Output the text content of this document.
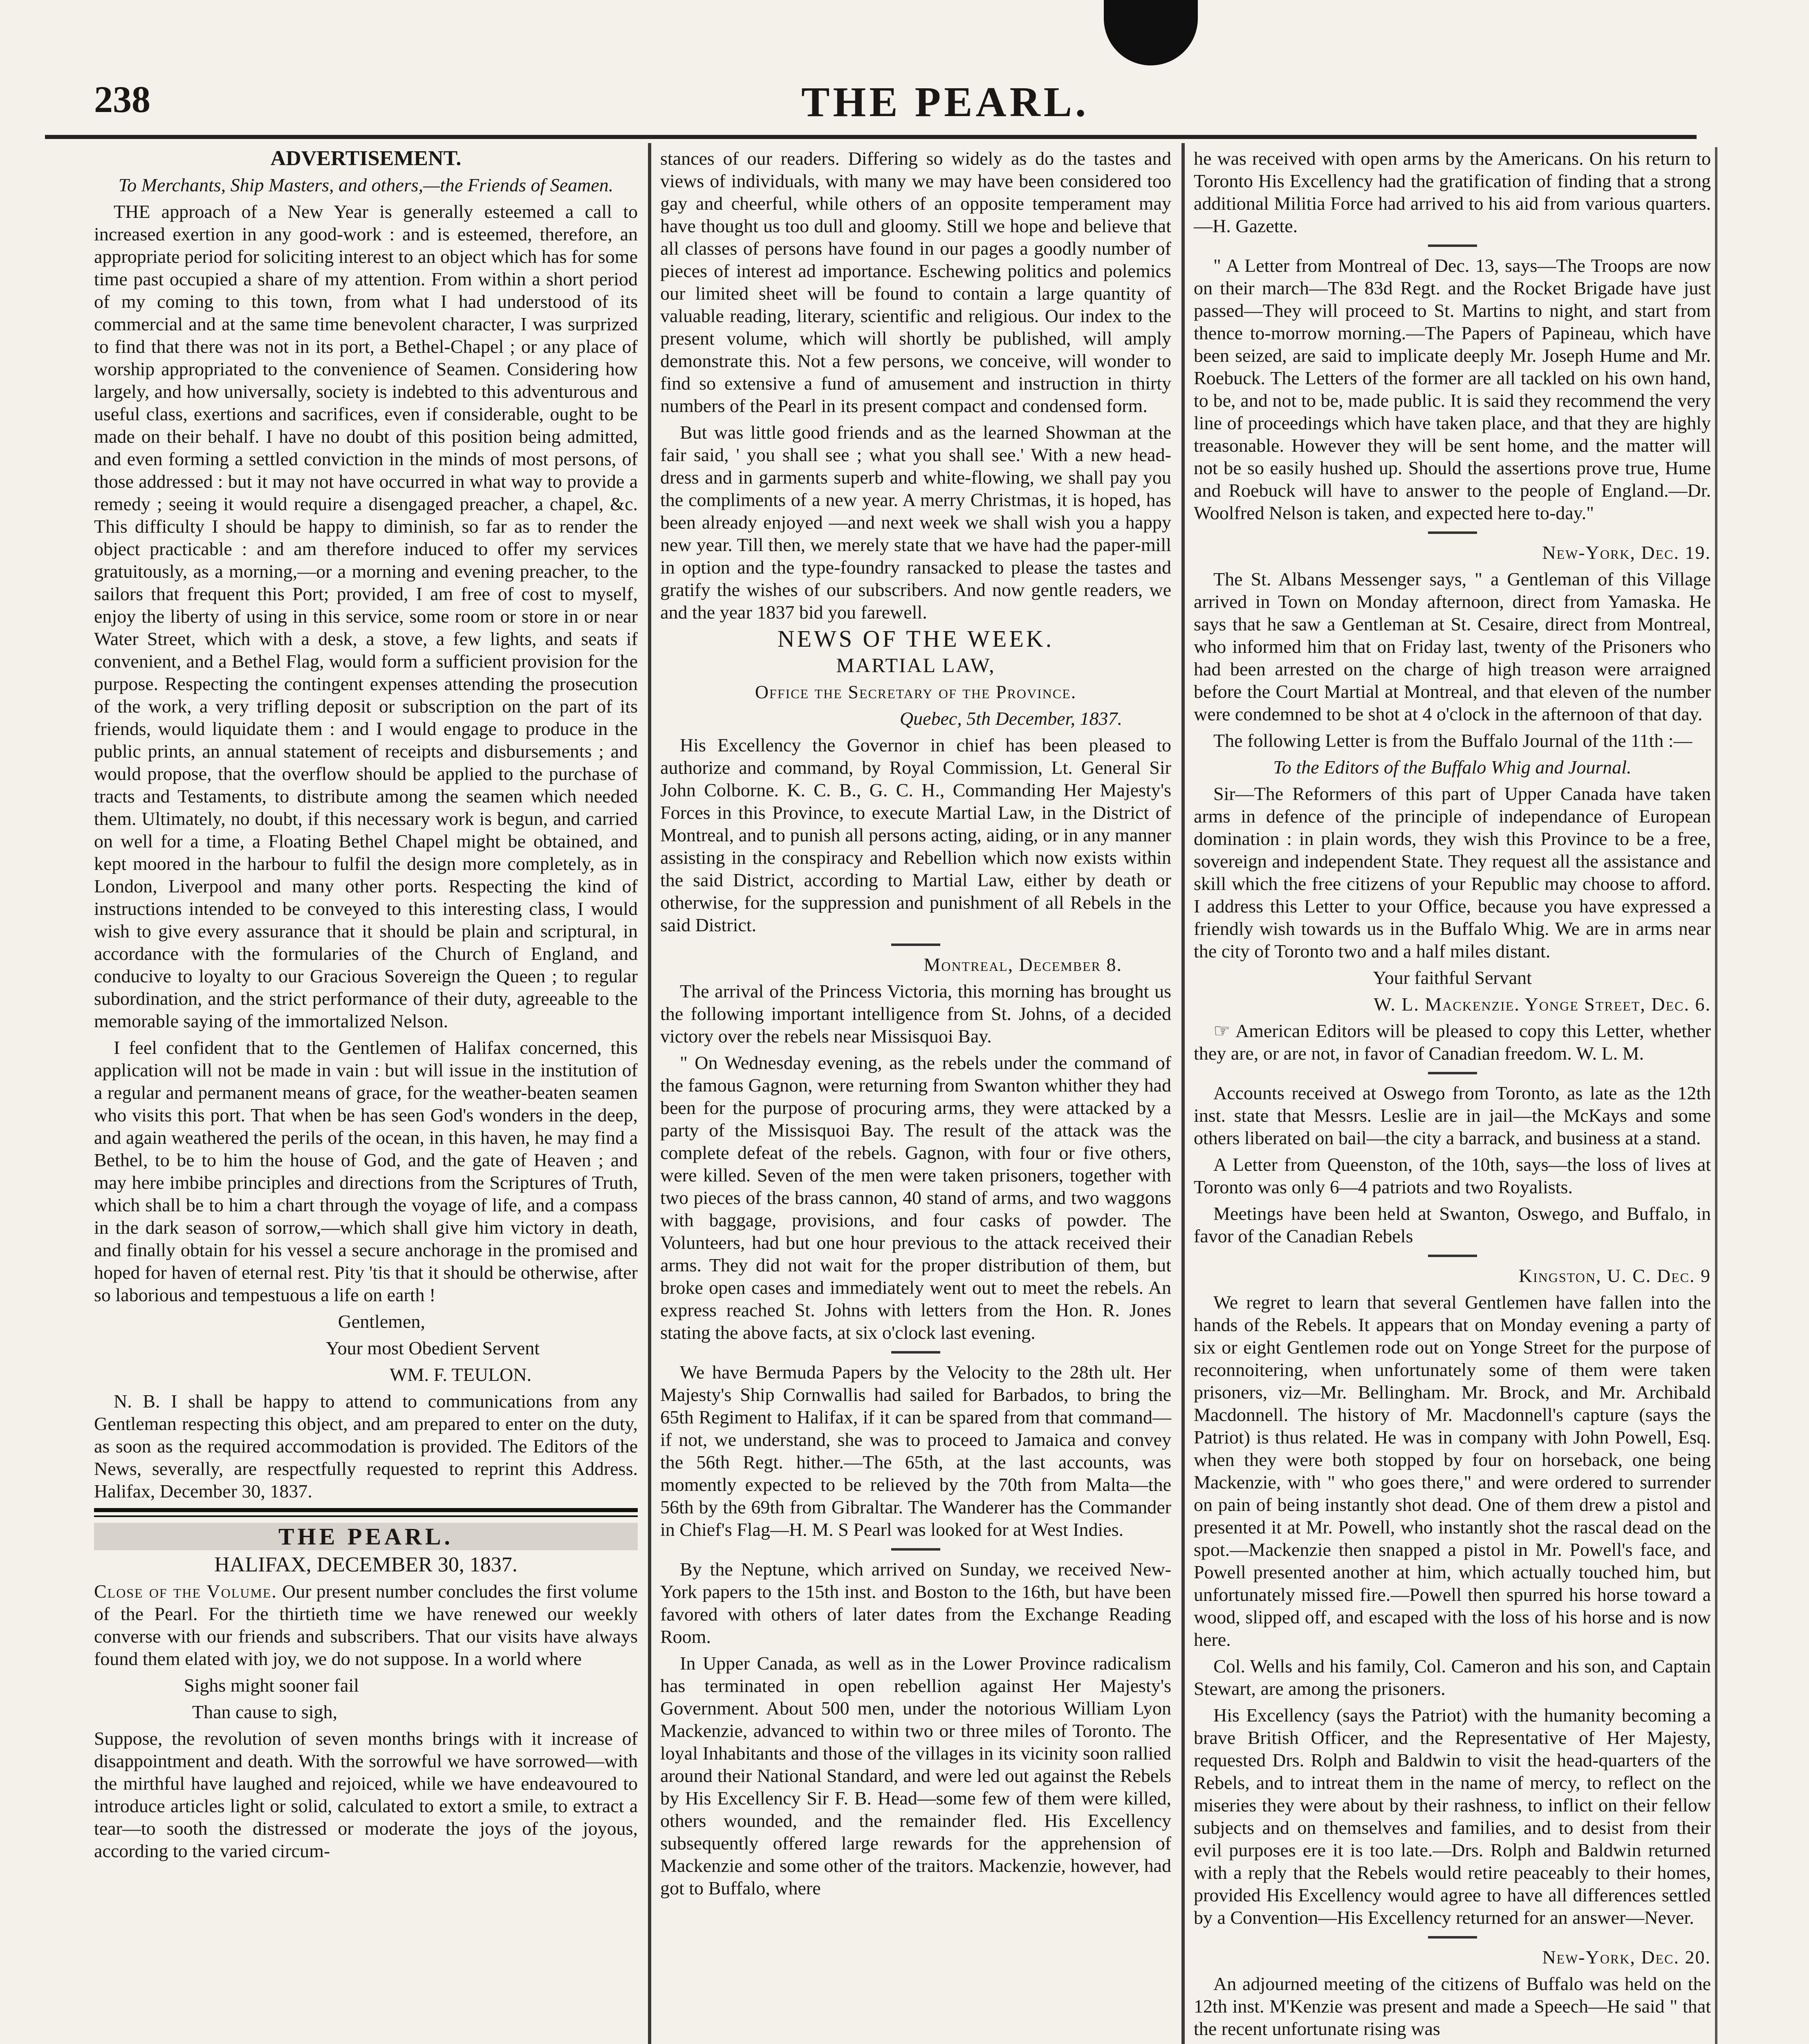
238	THE PEARL.

ADVERTISEMENT.

To Merchants, Ship Masters, and others,—the Friends of Seamen.

THE approach of a New Year is generally esteemed a call to increased exertion in any good-work : and is esteemed, therefore, an appropriate period for soliciting interest to an object which has for some time past occupied a share of my attention. From within a short period of my coming to this town, from what I had understood of its commercial and at the same time benevolent character, I was surprized to find that there was not in its port, a Bethel-Chapel ; or any place of worship appropriated to the convenience of Seamen. Considering how largely, and how universally, society is indebted to this adventurous and useful class, exertions and sacrifices, even if considerable, ought to be made on their behalf. I have no doubt of this position being admitted, and even forming a settled conviction in the minds of most persons, of those addressed : but it may not have occurred in what way to provide a remedy ; seeing it would require a disengaged preacher, a chapel, &c. This difficulty I should be happy to diminish, so far as to render the object practicable : and am therefore induced to offer my services gratuitously, as a morning,—or a morning and evening preacher, to the sailors that frequent this Port; provided, I am free of cost to myself, enjoy the liberty of using in this service, some room or store in or near Water Street, which with a desk, a stove, a few lights, and seats if convenient, and a Bethel Flag, would form a sufficient provision for the purpose. Respecting the contingent expenses attending the prosecution of the work, a very trifling deposit or subscription on the part of its friends, would liquidate them : and I would engage to produce in the public prints, an annual statement of receipts and disbursements ; and would propose, that the overflow should be applied to the purchase of tracts and Testaments, to distribute among the seamen which needed them. Ultimately, no doubt, if this necessary work is begun, and carried on well for a time, a Floating Bethel Chapel might be obtained, and kept moored in the harbour to fulfil the design more completely, as in London, Liverpool and many other ports. Respecting the kind of instructions intended to be conveyed to this interesting class, I would wish to give every assurance that it should be plain and scriptural, in accordance with the formularies of the Church of England, and conducive to loyalty to our Gracious Sovereign the Queen ; to regular subordination, and the strict performance of their duty, agreeable to the memorable saying of the immortalized Nelson.

I feel confident that to the Gentlemen of Halifax concerned, this application will not be made in vain : but will issue in the institution of a regular and permanent means of grace, for the weather-beaten seamen who visits this port. That when be has seen God's wonders in the deep, and again weathered the perils of the ocean, in this haven, he may find a Bethel, to be to him the house of God, and the gate of Heaven ; and may here imbibe principles and directions from the Scriptures of Truth, which shall be to him a chart through the voyage of life, and a compass in the dark season of sorrow,—which shall give him victory in death, and finally obtain for his vessel a secure anchorage in the promised and hoped for haven of eternal rest. Pity 'tis that it should be otherwise, after so laborious and tempestuous a life on earth !

Gentlemen,

Your most Obedient Servent

WM. F. TEULON.

N. B. I shall be happy to attend to communications from any Gentleman respecting this object, and am prepared to enter on the duty, as soon as the required accommodation is provided. The Editors of the News, severally, are respectfully requested to reprint this Address. Halifax, December 30, 1837.

THE PEARL.

HALIFAX, DECEMBER 30, 1837.

Close of the Volume. Our present number concludes the first volume of the Pearl. For the thirtieth time we have renewed our weekly converse with our friends and subscribers. That our visits have always found them elated with joy, we do not suppose. In a world where

Sighs might sooner fail

Than cause to sigh,

Suppose, the revolution of seven months brings with it increase of disappointment and death. With the sorrowful we have sorrowed—with the mirthful have laughed and rejoiced, while we have endeavoured to introduce articles light or solid, calculated to extort a smile, to extract a tear—to sooth the distressed or moderate the joys of the joyous, according to the varied circum-

stances of our readers. Differing so widely as do the tastes and views of individuals, with many we may have been considered too gay and cheerful, while others of an opposite temperament may have thought us too dull and gloomy. Still we hope and believe that all classes of persons have found in our pages a goodly number of pieces of interest ad importance. Eschewing politics and polemics our limited sheet will be found to contain a large quantity of valuable reading, literary, scientific and religious. Our index to the present volume, which will shortly be published, will amply demonstrate this. Not a few persons, we conceive, will wonder to find so extensive a fund of amusement and instruction in thirty numbers of the Pearl in its present compact and condensed form.

But was little good friends and as the learned Showman at the fair said, ' you shall see ; what you shall see.' With a new head-dress and in garments superb and white-flowing, we shall pay you the compliments of a new year. A merry Christmas, it is hoped, has been already enjoyed —and next week we shall wish you a happy new year. Till then, we merely state that we have had the paper-mill in option and the type-foundry ransacked to please the tastes and gratify the wishes of our subscribers. And now gentle readers, we and the year 1837 bid you farewell.

NEWS OF THE WEEK.

MARTIAL LAW,

Office the Secretary of the Province.

Quebec, 5th December, 1837.

His Excellency the Governor in chief has been pleased to authorize and command, by Royal Commission, Lt. General Sir John Colborne. K. C. B., G. C. H., Commanding Her Majesty's Forces in this Province, to execute Martial Law, in the District of Montreal, and to punish all persons acting, aiding, or in any manner assisting in the conspiracy and Rebellion which now exists within the said District, according to Martial Law, either by death or otherwise, for the suppression and punishment of all Rebels in the said District.

Montreal, December 8.

The arrival of the Princess Victoria, this morning has brought us the following important intelligence from St. Johns, of a decided victory over the rebels near Missisquoi Bay.

" On Wednesday evening, as the rebels under the command of the famous Gagnon, were returning from Swanton whither they had been for the purpose of procuring arms, they were attacked by a party of the Missisquoi Bay. The result of the attack was the complete defeat of the rebels. Gagnon, with four or five others, were killed. Seven of the men were taken prisoners, together with two pieces of the brass cannon, 40 stand of arms, and two waggons with baggage, provisions, and four casks of powder. The Volunteers, had but one hour previous to the attack received their arms. They did not wait for the proper distribution of them, but broke open cases and immediately went out to meet the rebels. An express reached St. Johns with letters from the Hon. R. Jones stating the above facts, at six o'clock last evening.

We have Bermuda Papers by the Velocity to the 28th ult. Her Majesty's Ship Cornwallis had sailed for Barbados, to bring the 65th Regiment to Halifax, if it can be spared from that command—if not, we understand, she was to proceed to Jamaica and convey the 56th Regt. hither.—The 65th, at the last accounts, was momently expected to be relieved by the 70th from Malta—the 56th by the 69th from Gibraltar. The Wanderer has the Commander in Chief's Flag—H. M. S Pearl was looked for at West Indies.

By the Neptune, which arrived on Sunday, we received New-York papers to the 15th inst. and Boston to the 16th, but have been favored with others of later dates from the Exchange Reading Room.

In Upper Canada, as well as in the Lower Province radicalism has terminated in open rebellion against Her Majesty's Government. About 500 men, under the notorious William Lyon Mackenzie, advanced to within two or three miles of Toronto. The loyal Inhabitants and those of the villages in its vicinity soon rallied around their National Standard, and were led out against the Rebels by His Excellency Sir F. B. Head—some few of them were killed, others wounded, and the remainder fled. His Excellency subsequently offered large rewards for the apprehension of Mackenzie and some other of the traitors. Mackenzie, however, had got to Buffalo, where

he was received with open arms by the Americans. On his return to Toronto His Excellency had the gratification of finding that a strong additional Militia Force had arrived to his aid from various quarters.—H. Gazette.

" A Letter from Montreal of Dec. 13, says—The Troops are now on their march—The 83d Regt. and the Rocket Brigade have just passed—They will proceed to St. Martins to night, and start from thence to-morrow morning.—The Papers of Papineau, which have been seized, are said to implicate deeply Mr. Joseph Hume and Mr. Roebuck. The Letters of the former are all tackled on his own hand, to be, and not to be, made public. It is said they recommend the very line of proceedings which have taken place, and that they are highly treasonable. However they will be sent home, and the matter will not be so easily hushed up. Should the assertions prove true, Hume and Roebuck will have to answer to the people of England.—Dr. Woolfred Nelson is taken, and expected here to-day."

New-York, Dec. 19.

The St. Albans Messenger says, " a Gentleman of this Village arrived in Town on Monday afternoon, direct from Yamaska. He says that he saw a Gentleman at St. Cesaire, direct from Montreal, who informed him that on Friday last, twenty of the Prisoners who had been arrested on the charge of high treason were arraigned before the Court Martial at Montreal, and that eleven of the number were condemned to be shot at 4 o'clock in the afternoon of that day.

The following Letter is from the Buffalo Journal of the 11th :—

To the Editors of the Buffalo Whig and Journal.

Sir—The Reformers of this part of Upper Canada have taken arms in defence of the principle of independance of European domination : in plain words, they wish this Province to be a free, sovereign and independent State. They request all the assistance and skill which the free citizens of your Republic may choose to afford. I address this Letter to your Office, because you have expressed a friendly wish towards us in the Buffalo Whig. We are in arms near the city of Toronto two and a half miles distant.

Your faithful Servant

W. L. Mackenzie. Yonge Street, Dec. 6.

☞ American Editors will be pleased to copy this Letter, whether they are, or are not, in favor of Canadian freedom. W. L. M.

Accounts received at Oswego from Toronto, as late as the 12th inst. state that Messrs. Leslie are in jail—the McKays and some others liberated on bail—the city a barrack, and business at a stand.

A Letter from Queenston, of the 10th, says—the loss of lives at Toronto was only 6—4 patriots and two Royalists.

Meetings have been held at Swanton, Oswego, and Buffalo, in favor of the Canadian Rebels

Kingston, U. C. Dec. 9

We regret to learn that several Gentlemen have fallen into the hands of the Rebels. It appears that on Monday evening a party of six or eight Gentlemen rode out on Yonge Street for the purpose of reconnoitering, when unfortunately some of them were taken prisoners, viz—Mr. Bellingham. Mr. Brock, and Mr. Archibald Macdonnell. The history of Mr. Macdonnell's capture (says the Patriot) is thus related. He was in company with John Powell, Esq. when they were both stopped by four on horseback, one being Mackenzie, with " who goes there," and were ordered to surrender on pain of being instantly shot dead. One of them drew a pistol and presented it at Mr. Powell, who instantly shot the rascal dead on the spot.—Mackenzie then snapped a pistol in Mr. Powell's face, and Powell presented another at him, which actually touched him, but unfortunately missed fire.—Powell then spurred his horse toward a wood, slipped off, and escaped with the loss of his horse and is now here.

Col. Wells and his family, Col. Cameron and his son, and Captain Stewart, are among the prisoners.

His Excellency (says the Patriot) with the humanity becoming a brave British Officer, and the Representative of Her Majesty, requested Drs. Rolph and Baldwin to visit the head-quarters of the Rebels, and to intreat them in the name of mercy, to reflect on the miseries they were about by their rashness, to inflict on their fellow subjects and on themselves and families, and to desist from their evil purposes ere it is too late.—Drs. Rolph and Baldwin returned with a reply that the Rebels would retire peaceably to their homes, provided His Excellency would agree to have all differences settled by a Convention—His Excellency returned for an answer—Never.

New-York, Dec. 20.

An adjourned meeting of the citizens of Buffalo was held on the 12th inst. M'Kenzie was present and made a Speech—He said " that the recent unfortunate rising was
